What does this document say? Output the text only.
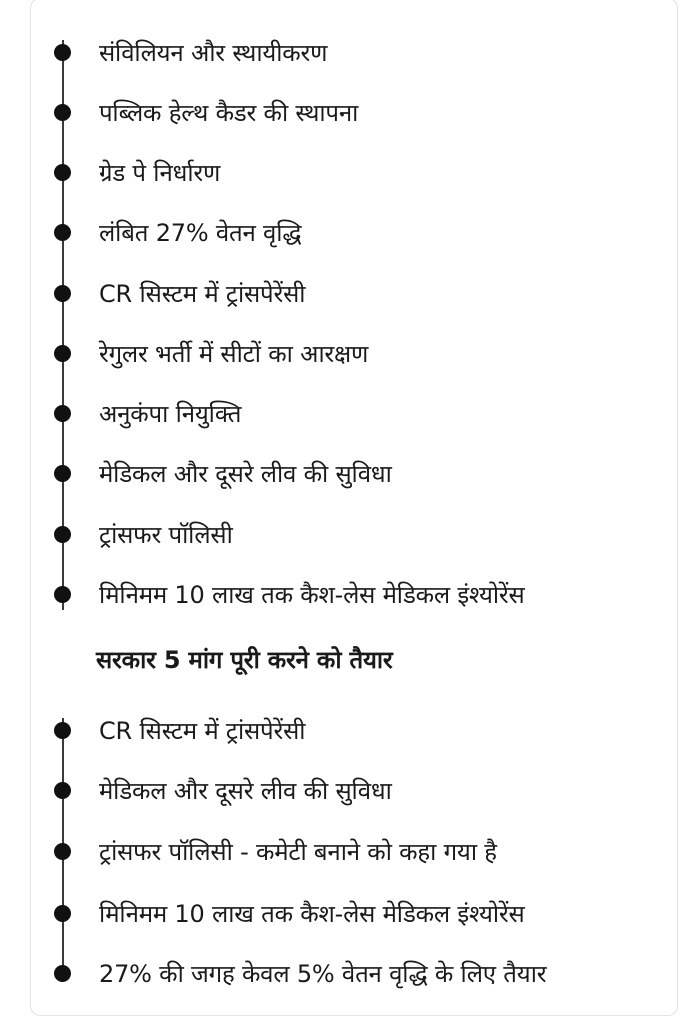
संविलियन और स्थायीकरण
पब्लिक हेल्थ कैडर की स्थापना
ग्रेड पे निर्धारण
लंबित 27% वेतन वृद्धि
CR सिस्टम में ट्रांसपेरेंसी
रेगुलर भर्ती में सीटों का आरक्षण
अनुकंपा नियुक्ति
मेडिकल और दूसरे लीव की सुविधा
ट्रांसफर पॉलिसी
मिनिमम 10 लाख तक कैश-लेस मेडिकल इंश्योरेंस
सरकार 5 मांग पूरी करने को तैयार
CR सिस्टम में ट्रांसपेरेंसी
मेडिकल और दूसरे लीव की सुविधा
ट्रांसफर पॉलिसी - कमेटी बनाने को कहा गया है
मिनिमम 10 लाख तक कैश-लेस मेडिकल इंश्योरेंस
27% की जगह केवल 5% वेतन वृद्धि के लिए तैयार
